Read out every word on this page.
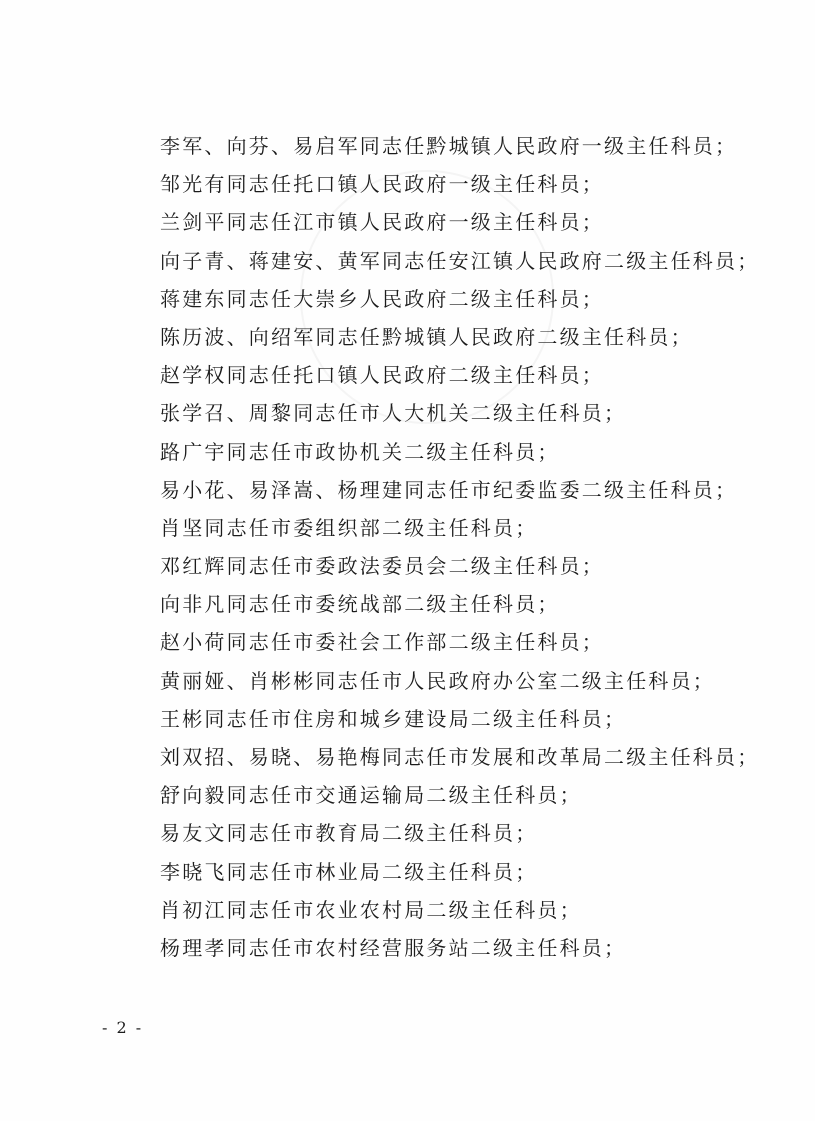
李军、向芬、易启军同志任黔城镇人民政府一级主任科员；
邹光有同志任托口镇人民政府一级主任科员；
兰剑平同志任江市镇人民政府一级主任科员；
向子青、蒋建安、黄军同志任安江镇人民政府二级主任科员；
蒋建东同志任大崇乡人民政府二级主任科员；
陈历波、向绍军同志任黔城镇人民政府二级主任科员；
赵学权同志任托口镇人民政府二级主任科员；
张学召、周黎同志任市人大机关二级主任科员；
路广宇同志任市政协机关二级主任科员；
易小花、易泽嵩、杨理建同志任市纪委监委二级主任科员；
肖坚同志任市委组织部二级主任科员；
邓红辉同志任市委政法委员会二级主任科员；
向非凡同志任市委统战部二级主任科员；
赵小荷同志任市委社会工作部二级主任科员；
黄丽娅、肖彬彬同志任市人民政府办公室二级主任科员；
王彬同志任市住房和城乡建设局二级主任科员；
刘双招、易晓、易艳梅同志任市发展和改革局二级主任科员；
舒向毅同志任市交通运输局二级主任科员；
易友文同志任市教育局二级主任科员；
李晓飞同志任市林业局二级主任科员；
肖初江同志任市农业农村局二级主任科员；
杨理孝同志任市农村经营服务站二级主任科员；
- 2 -
